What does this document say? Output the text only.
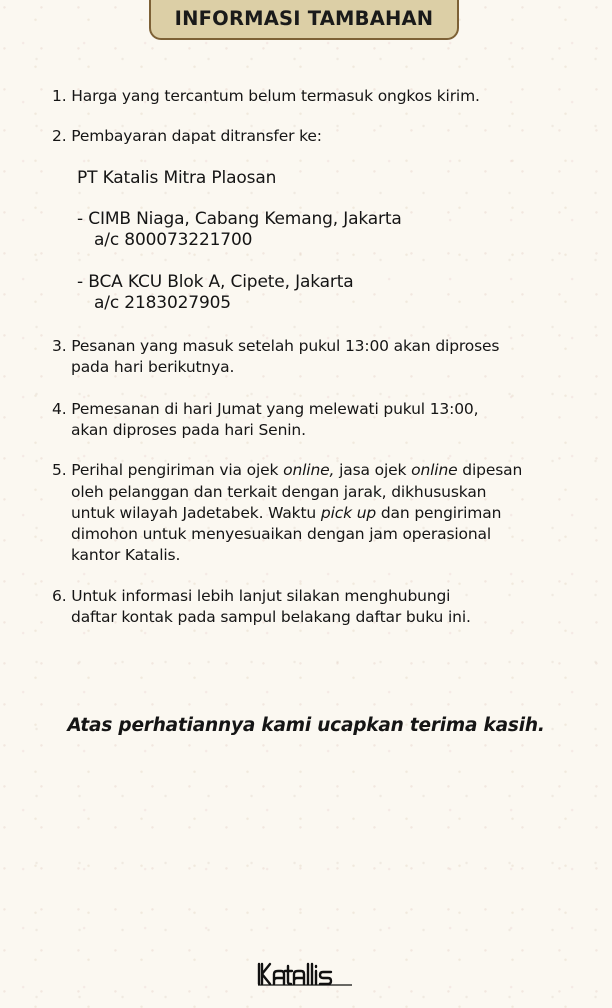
INFORMASI TAMBAHAN
1. Harga yang tercantum belum termasuk ongkos kirim.
2. Pembayaran dapat ditransfer ke:
PT Katalis Mitra Plaosan
- CIMB Niaga, Cabang Kemang, Jakarta
a/c 800073221700
- BCA KCU Blok A, Cipete, Jakarta
a/c 2183027905
3. Pesanan yang masuk setelah pukul 13:00 akan diproses
pada hari berikutnya.
4. Pemesanan di hari Jumat yang melewati pukul 13:00,
akan diproses pada hari Senin.
5. Perihal pengiriman via ojek online, jasa ojek online dipesan
oleh pelanggan dan terkait dengan jarak, dikhususkan
untuk wilayah Jadetabek. Waktu pick up dan pengiriman
dimohon untuk menyesuaikan dengan jam operasional
kantor Katalis.
6. Untuk informasi lebih lanjut silakan menghubungi
daftar kontak pada sampul belakang daftar buku ini.
Atas perhatiannya kami ucapkan terima kasih.
